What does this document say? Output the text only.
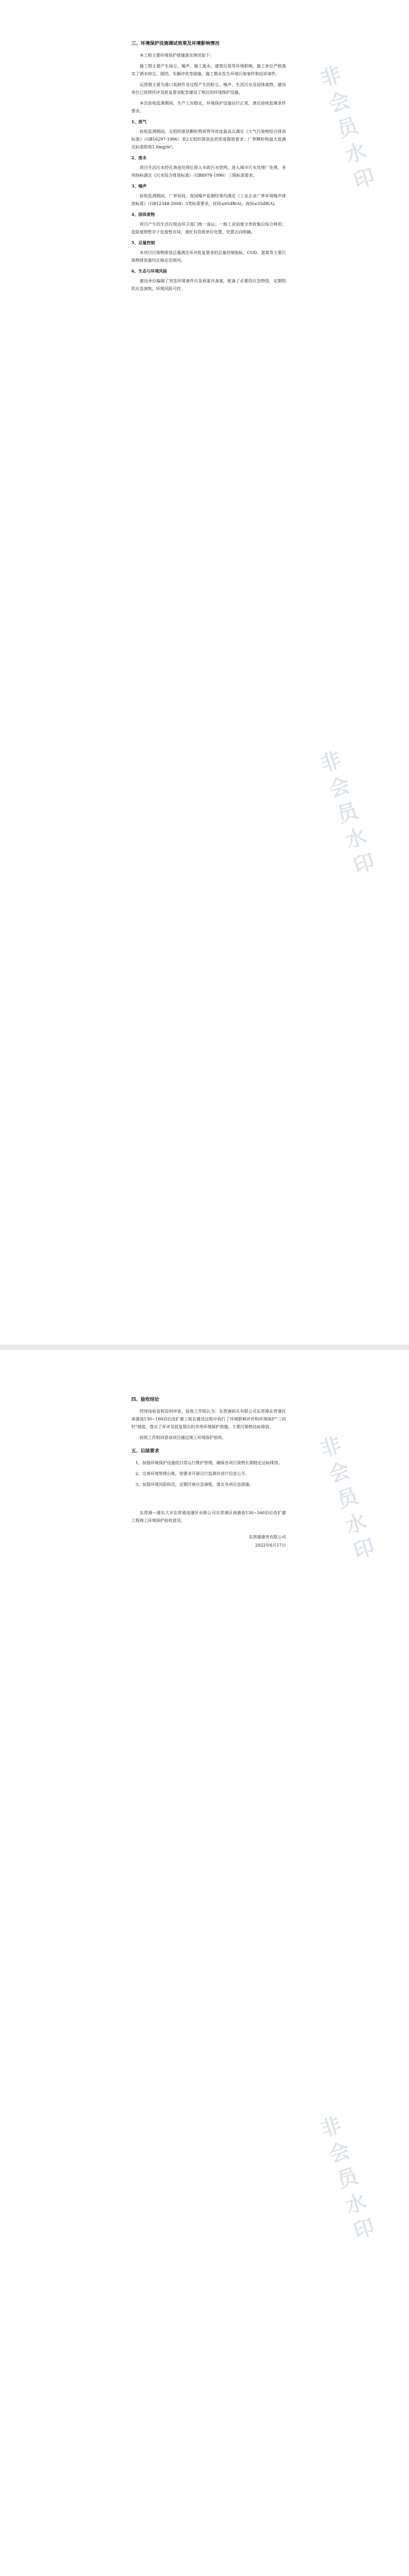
三、环境保护设施调试效果及环境影响情况
本工程主要环境保护措施落实情况如下：
施工期主要产生扬尘、噪声、施工废水、建筑垃圾等环境影响，施工单位严格落实了洒水抑尘、围挡、车辆冲洗等措施，施工期未发生环境污染事件和投诉事件。
运营期主要为港口装卸作业过程产生的粉尘、噪声、生活污水及固体废物，建设单位已按照环评及批复要求配套建设了相应的环境保护设施。
本次验收监测期间，生产工况稳定，环境保护设施运行正常，满足验收监测条件要求。
1、废气
验收监测期间，无组织排放颗粒物周界外浓度最高点满足《大气污染物综合排放标准》（GB16297-1996）表2无组织排放监控浓度限值要求；厂界颗粒物最大值满足标准限值1.0mg/m³。
2、废水
项目生活污水经化粪池处理后排入市政污水管网，进入城市污水处理厂处理，各项指标满足《污水综合排放标准》（GB8978-1996）三级标准要求。
3、噪声
验收监测期间，厂界昼间、夜间噪声监测结果均满足《工业企业厂界环境噪声排放标准》（GB12348-2008）3类标准要求，昼间≤65dB(A)，夜间≤55dB(A)。
4、固体废物
项目产生的生活垃圾由环卫部门统一清运；一般工业固废分类收集后综合利用；危险废物暂存于危废暂存间，委托有资质单位处置，处置去向明确。
5、总量控制
本项目污染物排放总量满足环评批复要求的总量控制指标，COD、氨氮等主要污染物排放量均在核定范围内。
6、生态与环境风险
建设单位编制了突发环境事件应急预案并备案，配备了必要的应急物资，定期组织应急演练，环境风险可控。
非会员水印
非会员水印
四、验收结论
经现场检查和资料审查，验收工作组认为：东营港码头有限公司东营港东营港区南港池130~160泊位改扩建工程在建设过程中执行了环境影响评价和环境保护"三同时"制度，落实了环评及批复提出的各项环境保护措施，主要污染物达标排放。
验收工作组同意该项目通过竣工环境保护验收。
五、后续要求
1、加强环境保护设施的日常运行维护管理，确保各项污染物长期稳定达标排放。
2、完善环境管理台账，按要求开展自行监测并进行信息公开。
3、加强环境风险防范，定期开展应急演练，落实各项应急措施。
东营港—港东大市东营港池港区有限公司东营港区南港池130~160泊位改扩建工程竣工环境保护验收意见。
东营港港务有限公司
2022年6月17日
非会员水印
非会员水印
